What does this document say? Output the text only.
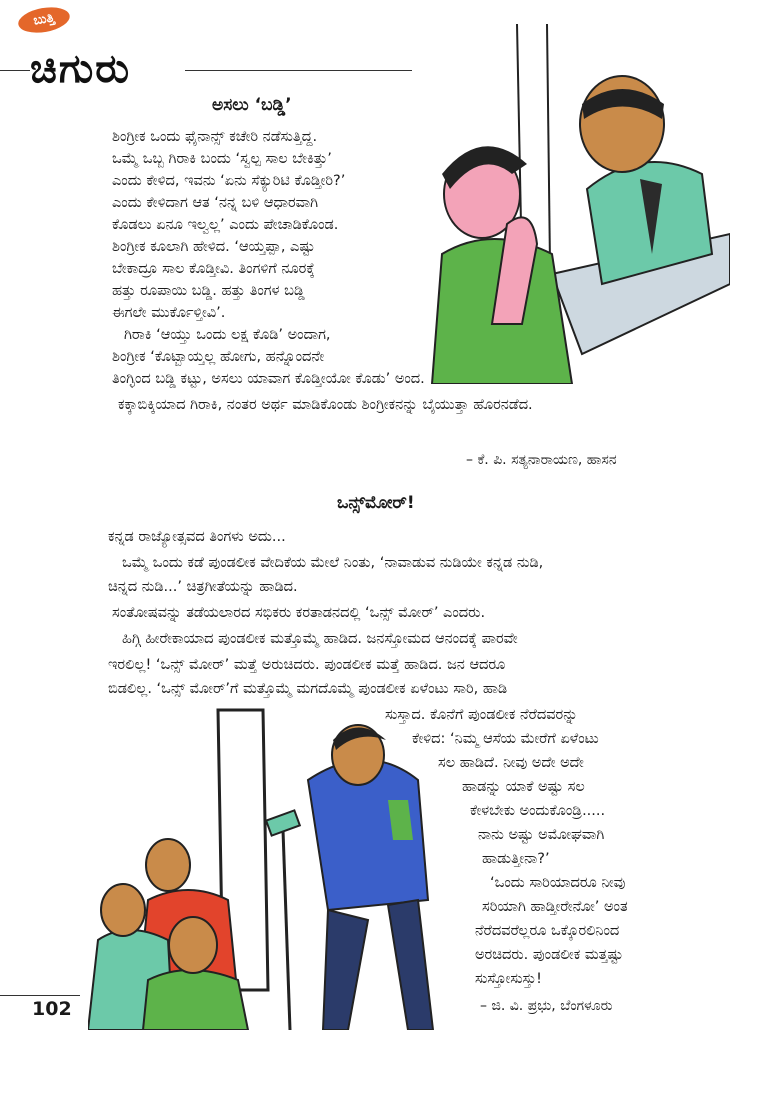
ಬುತ್ತಿ
ಚಿಗುರು
ಅಸಲು ‘ಬಡ್ಡಿ’
ಶಿಂಗ್ರೀಕ ಒಂದು ಫೈನಾನ್ಸ್ ಕಚೇರಿ ನಡೆಸುತ್ತಿದ್ದ.
ಒಮ್ಮೆ ಒಬ್ಬ ಗಿರಾಕಿ ಬಂದು ‘ಸ್ವಲ್ಪ ಸಾಲ ಬೇಕಿತ್ತು’
ಎಂದು ಕೇಳಿದ, ಇವನು ‘ಏನು ಸೆಕ್ಯುರಿಟಿ ಕೊಡ್ತೀರಿ?’
ಎಂದು ಕೇಳಿದಾಗ ಆತ ‘ನನ್ನ ಬಳಿ ಆಧಾರವಾಗಿ
ಕೊಡಲು ಏನೂ ಇಲ್ವಲ್ಲ’ ಎಂದು ಪೇಚಾಡಿಕೊಂಡ.
ಶಿಂಗ್ರೀಕ ಕೂಲಾಗಿ ಹೇಳಿದ. ‘ಆಯ್ತಪ್ಪಾ, ಎಷ್ಟು
ಬೇಕಾದ್ರೂ ಸಾಲ ಕೊಡ್ತೀವಿ. ತಿಂಗಳಿಗೆ ನೂರಕ್ಕೆ
ಹತ್ತು ರೂಪಾಯಿ ಬಡ್ಡಿ. ಹತ್ತು ತಿಂಗಳ ಬಡ್ಡಿ
ಈಗಲೇ ಮುರ್ಕೊಳ್ತೀವಿ’.
ಗಿರಾಕಿ ‘ಆಯ್ತು ಒಂದು ಲಕ್ಷ ಕೊಡಿ’ ಅಂದಾಗ,
ಶಿಂಗ್ರೀಕ ‘ಕೊಟ್ಬಾಯ್ತಲ್ಲ ಹೋಗು, ಹನ್ನೊಂದನೇ
ತಿಂಗ್ಳಿಂದ ಬಡ್ಡಿ ಕಟ್ಟು, ಅಸಲು ಯಾವಾಗ ಕೊಡ್ತೀಯೋ ಕೊಡು’ ಅಂದ.
ಕಕ್ಕಾಬಿಕ್ಕಿಯಾದ ಗಿರಾಕಿ, ನಂತರ ಅರ್ಥ ಮಾಡಿಕೊಂಡು ಶಿಂಗ್ರೀಕನನ್ನು ಬೈಯುತ್ತಾ ಹೊರನಡೆದ.
– ಕೆ. ಪಿ. ಸತ್ಯನಾರಾಯಣ, ಹಾಸನ
ಒನ್ಸ್‌ಮೋರ್!
ಕನ್ನಡ ರಾಜ್ಯೋತ್ಸವದ ತಿಂಗಳು ಅದು...
ಒಮ್ಮೆ ಒಂದು ಕಡೆ ಪುಂಡಲೀಕ ವೇದಿಕೆಯ ಮೇಲೆ ನಿಂತು, ‘ನಾವಾಡುವ ನುಡಿಯೇ ಕನ್ನಡ ನುಡಿ,
ಚಿನ್ನದ ನುಡಿ...’ ಚಿತ್ರಗೀತೆಯನ್ನು ಹಾಡಿದ.
ಸಂತೋಷವನ್ನು ತಡೆಯಲಾರದ ಸಭಿಕರು ಕರತಾಡನದಲ್ಲಿ ‘ಒನ್ಸ್ ಮೋರ್’ ಎಂದರು.
ಹಿಗ್ಗಿ ಹೀರೇಕಾಯಾದ ಪುಂಡಲೀಕ ಮತ್ತೊಮ್ಮೆ ಹಾಡಿದ. ಜನಸ್ತೋಮದ ಆನಂದಕ್ಕೆ ಪಾರವೇ
ಇರಲಿಲ್ಲ! ‘ಒನ್ಸ್ ಮೋರ್’ ಮತ್ತೆ ಅರುಚಿದರು. ಪುಂಡಲೀಕ ಮತ್ತೆ ಹಾಡಿದ. ಜನ ಆದರೂ
ಬಿಡಲಿಲ್ಲ. ‘ಒನ್ಸ್ ಮೋರ್’ಗೆ ಮತ್ತೊಮ್ಮೆ ಮಗದೊಮ್ಮೆ ಪುಂಡಲೀಕ ಏಳೆಂಟು ಸಾರಿ, ಹಾಡಿ
ಸುಸ್ತಾದ. ಕೊನೆಗೆ ಪುಂಡಲೀಕ ನೆರೆದವರನ್ನು
ಕೇಳಿದ: ‘ನಿಮ್ಮ ಆಸೆಯ ಮೇರೆಗೆ ಏಳೆಂಟು
ಸಲ ಹಾಡಿದೆ. ನೀವು ಅದೇ ಅದೇ
ಹಾಡನ್ನು ಯಾಕೆ ಅಷ್ಟು ಸಲ
ಕೇಳಬೇಕು ಅಂದುಕೊಂಡ್ರಿ.....
ನಾನು ಅಷ್ಟು ಅಮೋಘವಾಗಿ
ಹಾಡುತ್ತೀನಾ?’
‘ಒಂದು ಸಾರಿಯಾದರೂ ನೀವು
ಸರಿಯಾಗಿ ಹಾಡ್ತೀರೇನೋ’ ಅಂತ
ನೆರೆದವರೆಲ್ಲರೂ ಒಕ್ಕೊರಲಿನಿಂದ
ಅರಚಿದರು. ಪುಂಡಲೀಕ ಮತ್ತಷ್ಟು
ಸುಸ್ತೋಸುಸ್ತು!
– ಜಿ. ವಿ. ಪ್ರಭು, ಬೆಂಗಳೂರು
102
